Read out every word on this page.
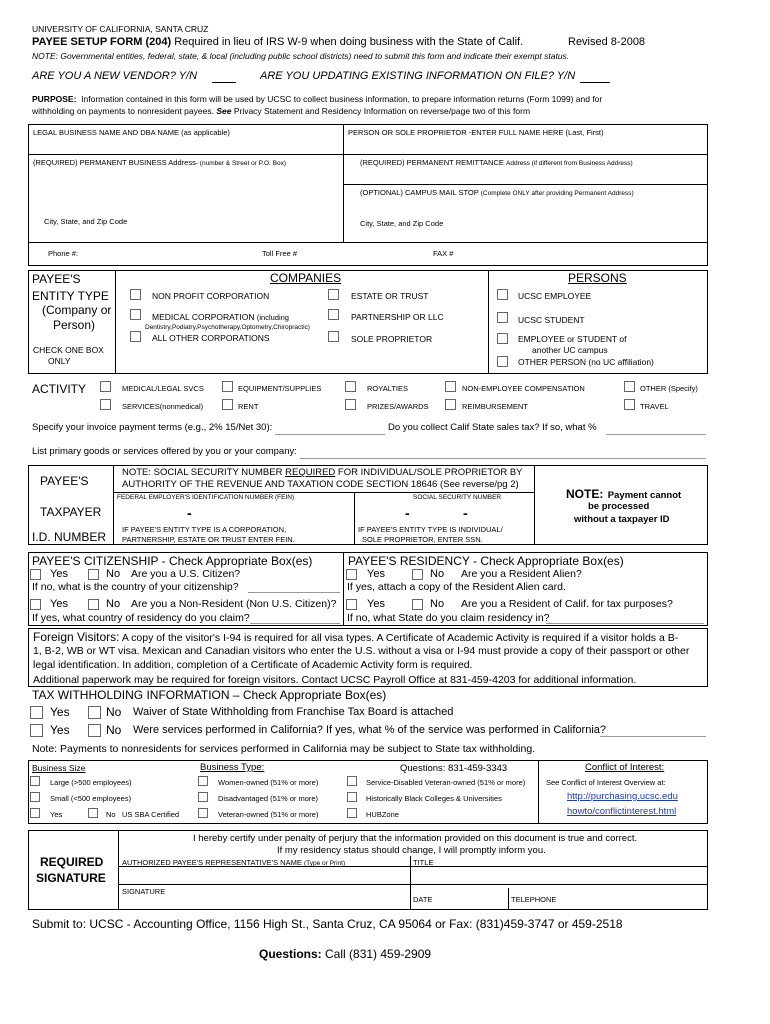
UNIVERSITY OF CALIFORNIA, SANTA CRUZ
PAYEE SETUP FORM (204) Required in lieu of IRS W-9 when doing business with the State of Calif.	Revised 8-2008
NOTE: Governmental entities, federal, state, & local (including public school districts) need to submit this form and indicate their exempt status.
ARE YOU A NEW VENDOR? Y/N	ARE YOU UPDATING EXISTING INFORMATION ON FILE? Y/N
PURPOSE: Information contained in this form will be used by UCSC to collect business information, to prepare information returns (Form 1099) and for
withholding on payments to nonresident payees. See Privacy Statement and Residency Information on reverse/page two of this form
LEGAL BUSINESS NAME AND DBA NAME (as applicable)	PERSON OR SOLE PROPRIETOR -ENTER FULL NAME HERE (Last, First)
(REQUIRED) PERMANENT BUSINESS Address- (number & Street or P.O. Box)	(REQUIRED) PERMANENT REMITTANCE Address (if different from Business Address)
(OPTIONAL) CAMPUS MAIL STOP (Complete ONLY after providing Permanent Address)
City, State, and Zip Code	City, State, and Zip Code
Phone #:	Toll Free #	FAX #
PAYEE'S
ENTITY TYPE
(Company or
Person)
CHECK ONE BOX
ONLY
COMPANIES	PERSONS
NON PROFIT CORPORATION	ESTATE OR TRUST	UCSC EMPLOYEE
MEDICAL CORPORATION (including
Dentistry,Podiatry,Psychotherapy,Optometry,Chiropractic)
PARTNERSHIP OR LLC	UCSC STUDENT
ALL OTHER CORPORATIONS	SOLE PROPRIETOR	EMPLOYEE or STUDENT of
another UC campus
OTHER PERSON (no UC affiliation)
ACTIVITY	MEDICAL/LEGAL SVCS	EQUIPMENT/SUPPLIES	ROYALTIES	NON-EMPLOYEE COMPENSATION	OTHER (Specify)
SERVICES(nonmedical)	RENT	PRIZES/AWARDS	REIMBURSEMENT	TRAVEL
Specify your invoice payment terms (e.g., 2% 15/Net 30):	Do you collect Calif State sales tax? If so, what %
List primary goods or services offered by you or your company:
PAYEE'S
TAXPAYER
I.D. NUMBER
NOTE: SOCIAL SECURITY NUMBER REQUIRED FOR INDIVIDUAL/SOLE PROPRIETOR BY
AUTHORITY OF THE REVENUE AND TAXATION CODE SECTION 18646 (See reverse/pg 2)
FEDERAL EMPLOYER'S IDENTIFICATION NUMBER (FEIN)	SOCIAL SECURITY NUMBER
-	-	-
IF PAYEE'S ENTITY TYPE IS A CORPORATION,
PARTNERSHIP, ESTATE OR TRUST ENTER FEIN.
IF PAYEE'S ENTITY TYPE IS INDIVIDUAL/
SOLE PROPRIETOR, ENTER SSN.
NOTE: Payment cannot
be processed
without a taxpayer ID
PAYEE'S CITIZENSHIP - Check Appropriate Box(es)
Yes	No Are you a U.S. Citizen?
If no, what is the country of your citizenship?
Yes	No Are you a Non-Resident (Non U.S. Citizen)?
If yes, what country of residency do you claim?
PAYEE'S RESIDENCY - Check Appropriate Box(es)
Yes	No Are you a Resident Alien?
If yes, attach a copy of the Resident Alien card.
Yes	No Are you a Resident of Calif. for tax purposes?
If no, what State do you claim residency in?
Foreign Visitors: A copy of the visitor's I-94 is required for all visa types. A Certificate of Academic Activity is required if a visitor holds a B-
1, B-2, WB or WT visa. Mexican and Canadian visitors who enter the U.S. without a visa or I-94 must provide a copy of their passport or other
legal identification. In addition, completion of a Certificate of Academic Activity form is required.
Additional paperwork may be required for foreign visitors. Contact UCSC Payroll Office at 831-459-4203 for additional information.
TAX WITHHOLDING INFORMATION – Check Appropriate Box(es)
Yes	No Waiver of State Withholding from Franchise Tax Board is attached
Yes	No Were services performed in California? If yes, what % of the service was performed in California?
Note: Payments to nonresidents for services performed in California may be subject to State tax withholding.
Business Size	Business Type:	Questions: 831-459-3343	Conflict of Interest:
Large (>500 employees)	Women-owned (51% or more)	Service-Disabled Veteran-owned (51% or more)	See Conflict of Interest Overview at:
Small (<500 employees)	Disadvantaged (51% or more)	Historically Black Colleges & Universities	http://purchasing.ucsc.edu
Yes	No US SBA Certified	Veteran-owned (51% or more)	HUBZone	howto/conflictinterest.html
REQUIRED
SIGNATURE
I hereby certify under penalty of perjury that the information provided on this document is true and correct.
If my residency status should change, I will promptly inform you.
AUTHORIZED PAYEE'S REPRESENTATIVE'S NAME (Type or Print)	TITLE
SIGNATURE
DATE	TELEPHONE
Submit to: UCSC - Accounting Office, 1156 High St., Santa Cruz, CA 95064 or Fax: (831)459-3747 or 459-2518
Questions: Call (831) 459-2909
